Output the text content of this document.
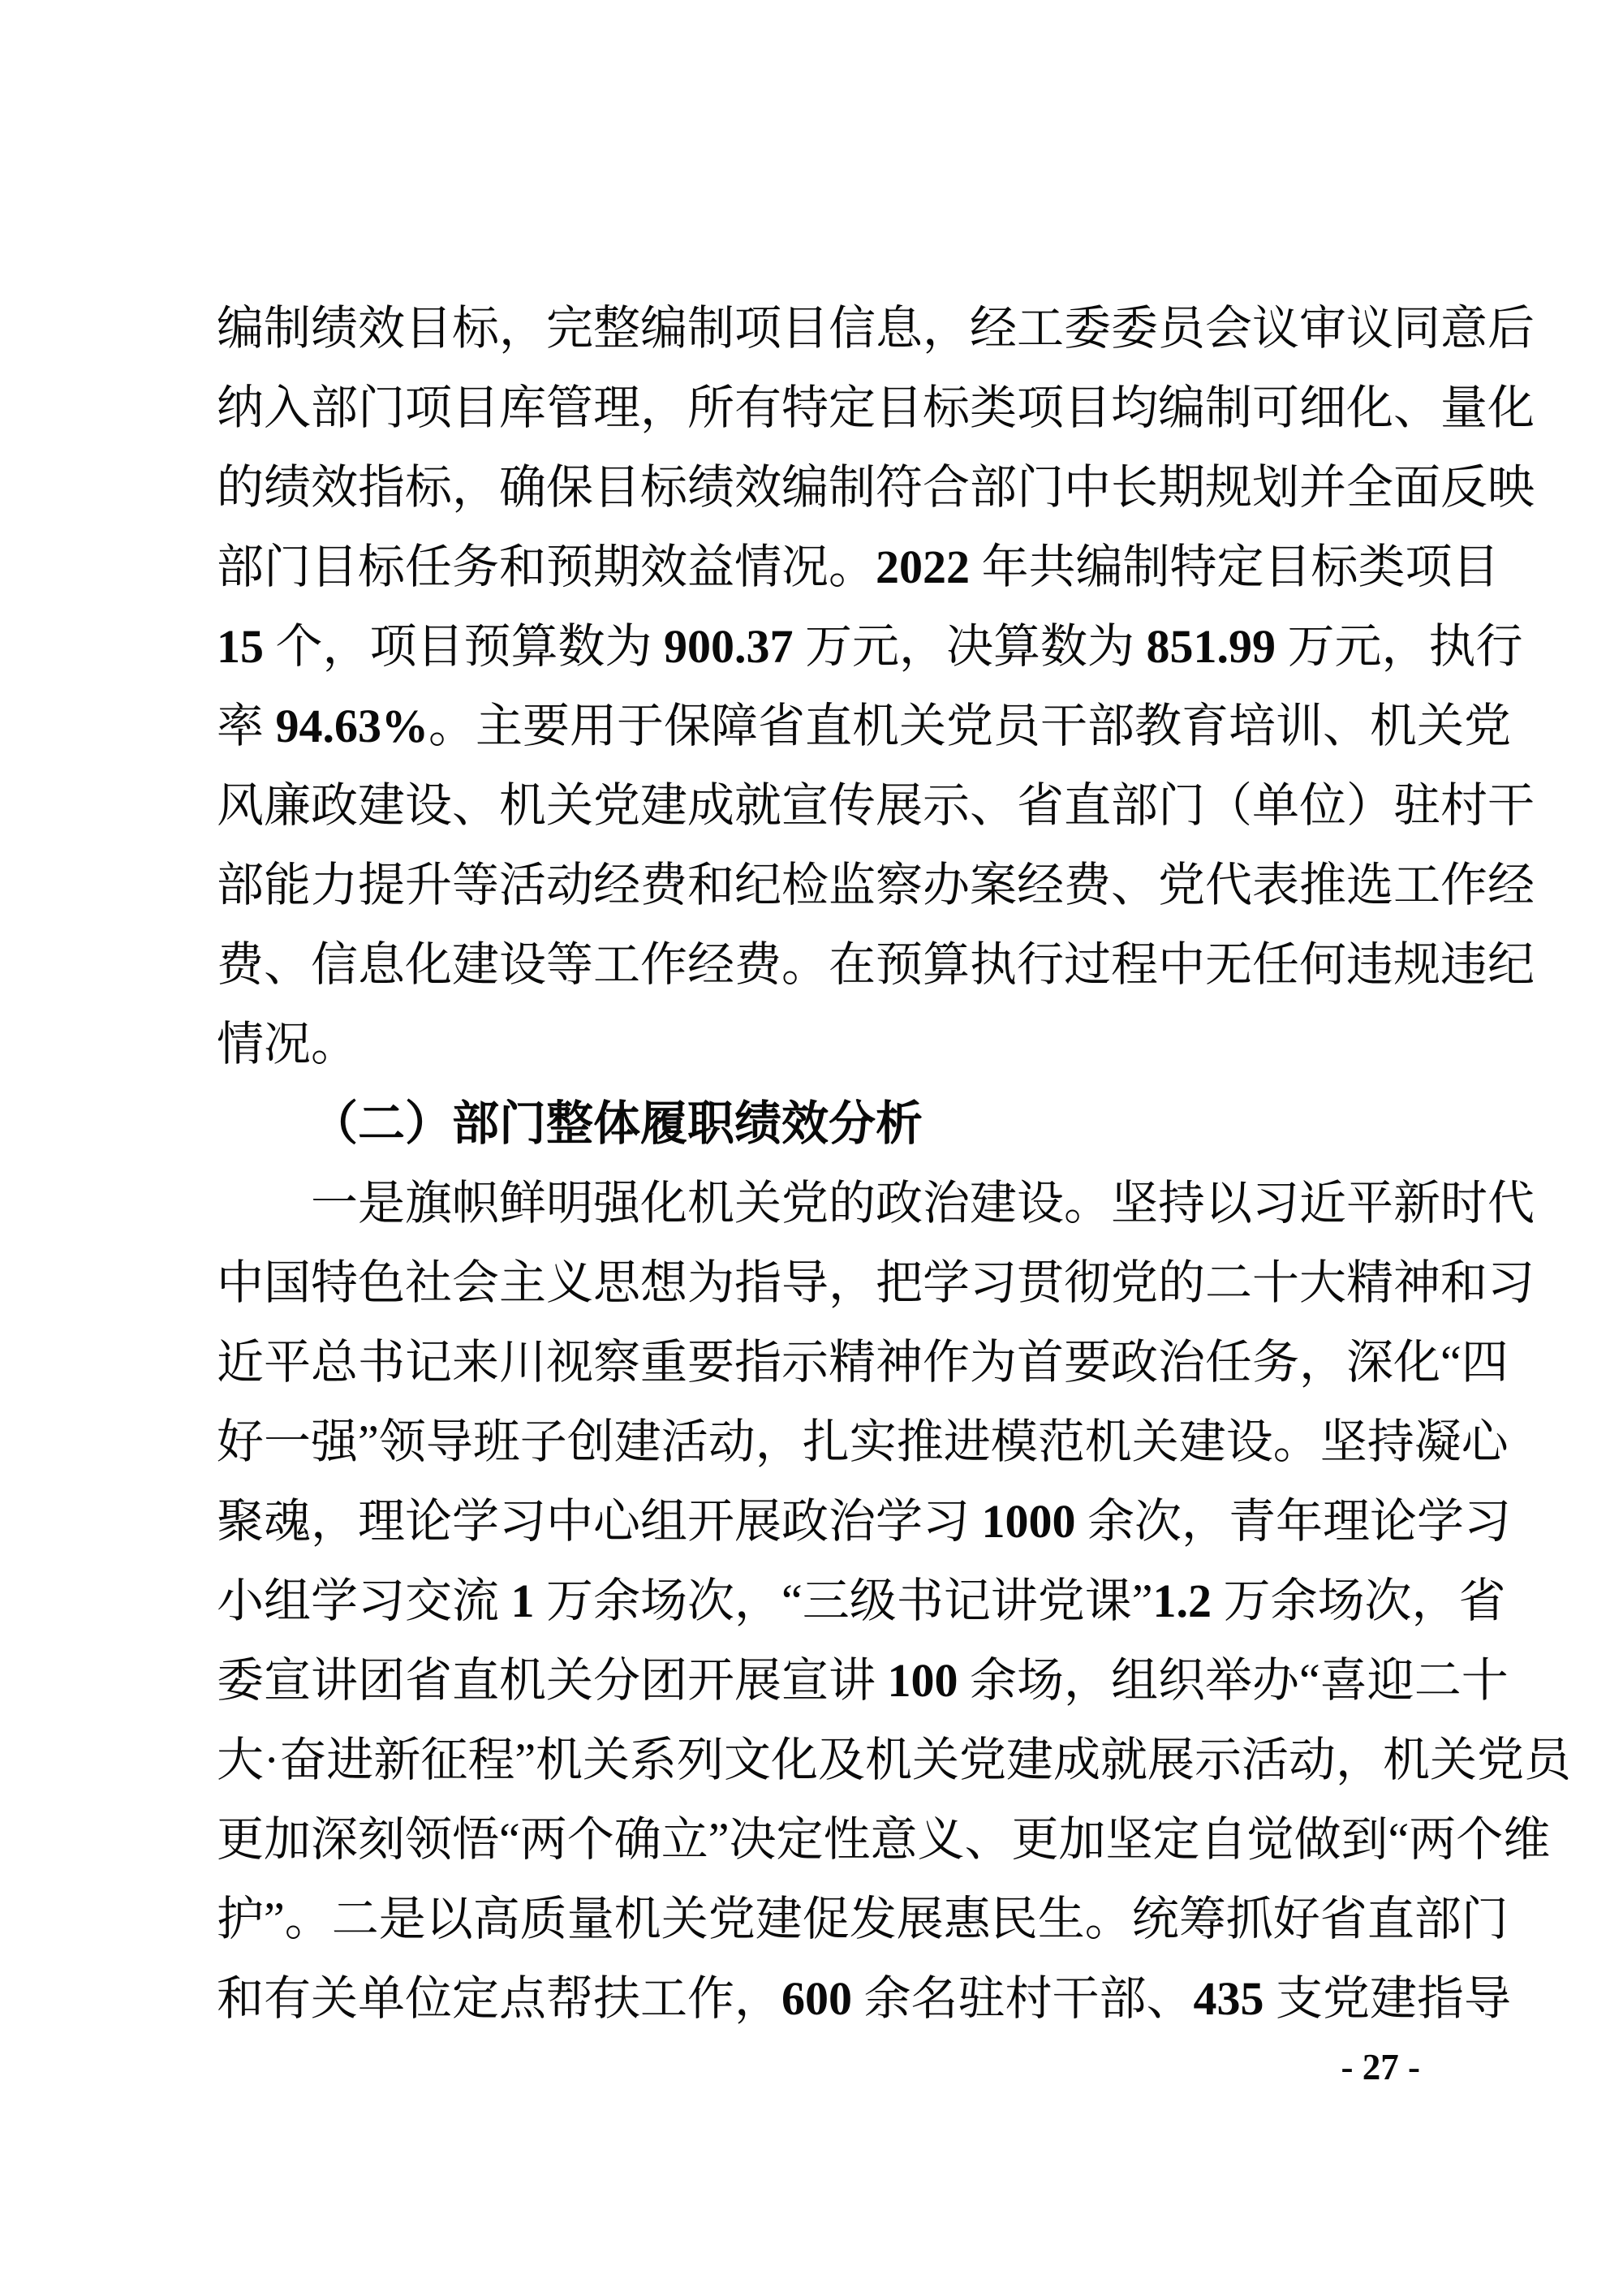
编制绩效目标，完整编制项目信息，经工委委员会议审议同意后
纳入部门项目库管理，所有特定目标类项目均编制可细化、量化
的绩效指标，确保目标绩效编制符合部门中长期规划并全面反映
部门目标任务和预期效益情况。2022 年共编制特定目标类项目
15 个，项目预算数为 900.37 万元，决算数为 851.99 万元，执行
率 94.63%。主要用于保障省直机关党员干部教育培训、机关党
风廉政建设、机关党建成就宣传展示、省直部门（单位）驻村干
部能力提升等活动经费和纪检监察办案经费、党代表推选工作经
费、信息化建设等工作经费。在预算执行过程中无任何违规违纪
情况。
（二）部门整体履职绩效分析
一是旗帜鲜明强化机关党的政治建设。坚持以习近平新时代
中国特色社会主义思想为指导，把学习贯彻党的二十大精神和习
近平总书记来川视察重要指示精神作为首要政治任务，深化“四
好一强”领导班子创建活动，扎实推进模范机关建设。坚持凝心
聚魂，理论学习中心组开展政治学习 1000 余次，青年理论学习
小组学习交流 1 万余场次，“三级书记讲党课”1.2 万余场次，省
委宣讲团省直机关分团开展宣讲 100 余场，组织举办“喜迎二十
大·奋进新征程”机关系列文化及机关党建成就展示活动，机关党员
更加深刻领悟“两个确立”决定性意义、更加坚定自觉做到“两个维
护”。二是以高质量机关党建促发展惠民生。统筹抓好省直部门
和有关单位定点帮扶工作，600 余名驻村干部、435 支党建指导
- 27 -
